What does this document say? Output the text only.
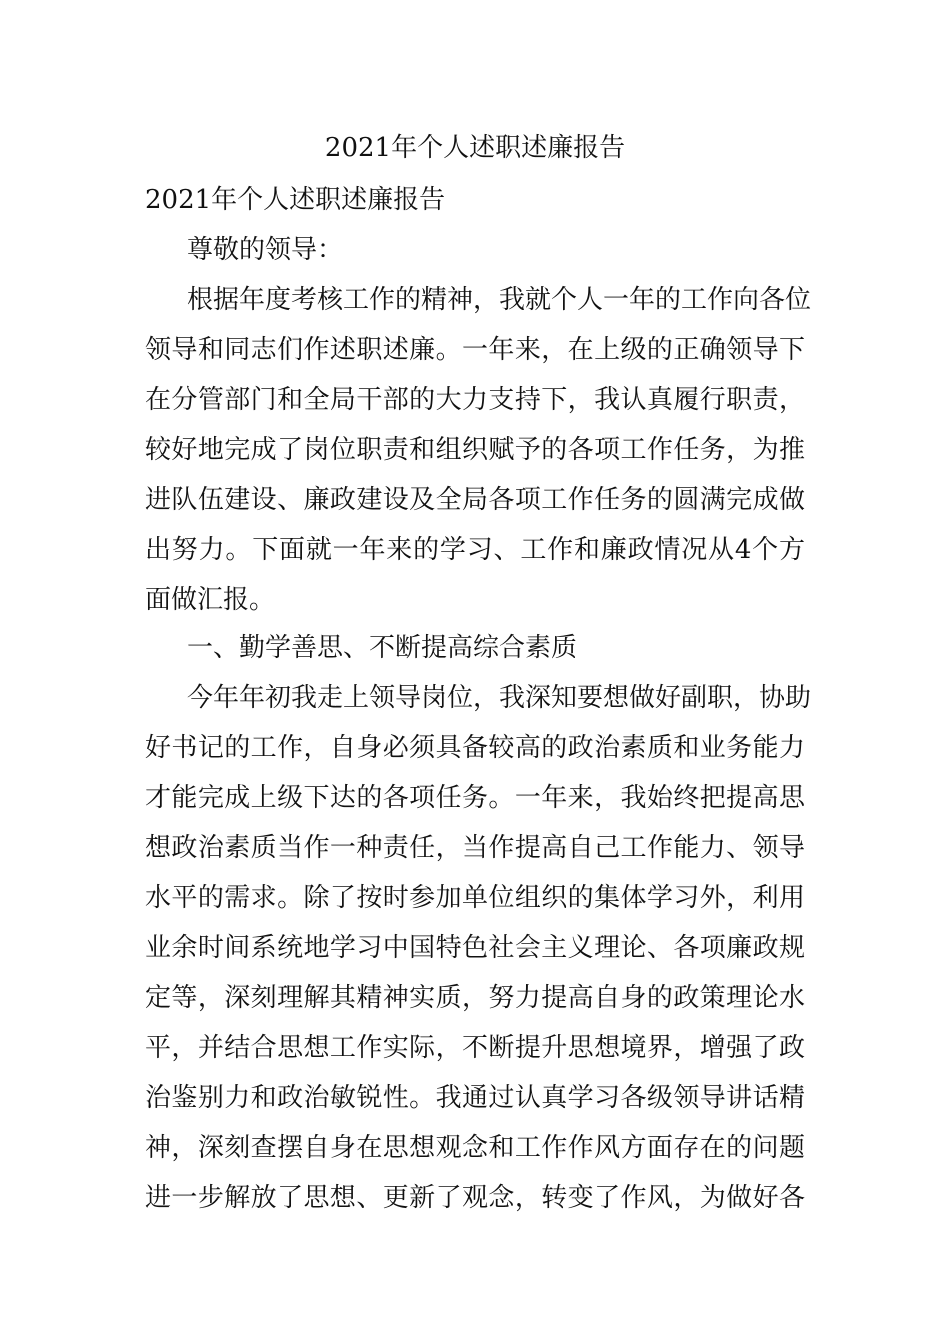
2021年个人述职述廉报告

2021年个人述职述廉报告

尊敬的领导：

根据年度考核工作的精神，我就个人一年的工作向各位

领导和同志们作述职述廉。一年来，在上级的正确领导下

在分管部门和全局干部的大力支持下，我认真履行职责，

较好地完成了岗位职责和组织赋予的各项工作任务，为推

进队伍建设、廉政建设及全局各项工作任务的圆满完成做

出努力。下面就一年来的学习、工作和廉政情况从4个方

面做汇报。

一、勤学善思、不断提高综合素质

今年年初我走上领导岗位，我深知要想做好副职，协助

好书记的工作，自身必须具备较高的政治素质和业务能力

才能完成上级下达的各项任务。一年来，我始终把提高思

想政治素质当作一种责任，当作提高自己工作能力、领导

水平的需求。除了按时参加单位组织的集体学习外，利用

业余时间系统地学习中国特色社会主义理论、各项廉政规

定等，深刻理解其精神实质，努力提高自身的政策理论水

平，并结合思想工作实际，不断提升思想境界，增强了政

治鉴别力和政治敏锐性。我通过认真学习各级领导讲话精

神，深刻查摆自身在思想观念和工作作风方面存在的问题

进一步解放了思想、更新了观念，转变了作风，为做好各
